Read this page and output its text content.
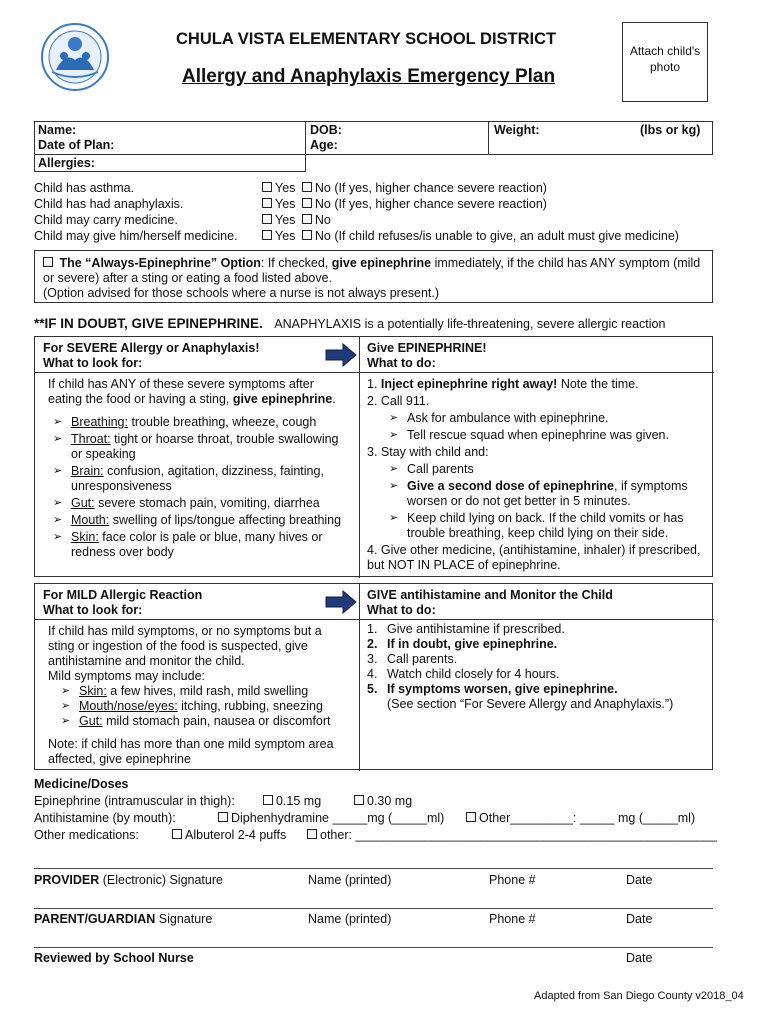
CHULA VISTA ELEMENTARY SCHOOL DISTRICT
Allergy and Anaphylaxis Emergency Plan
Attach child's photo
Name:
Date of Plan:
Allergies:
DOB:
Age:
Weight:	(lbs or kg)
Child has asthma.	Yes No (If yes, higher chance severe reaction)
Child has had anaphylaxis.	Yes No (If yes, higher chance severe reaction)
Child may carry medicine.	Yes No
Child may give him/herself medicine.	Yes No (If child refuses/is unable to give, an adult must give medicine)
The “Always-Epinephrine” Option: If checked, give epinephrine immediately, if the child has ANY symptom (mild or severe) after a sting or eating a food listed above.
(Option advised for those schools where a nurse is not always present.)
**IF IN DOUBT, GIVE EPINEPHRINE. ANAPHYLAXIS is a potentially life-threatening, severe allergic reaction
For SEVERE Allergy or Anaphylaxis!
What to look for:
Give EPINEPHRINE!
What to do:
If child has ANY of these severe symptoms after eating the food or having a sting, give epinephrine.
➢ Breathing: trouble breathing, wheeze, cough
➢ Throat: tight or hoarse throat, trouble swallowing or speaking
➢ Brain: confusion, agitation, dizziness, fainting, unresponsiveness
➢ Gut: severe stomach pain, vomiting, diarrhea
➢ Mouth: swelling of lips/tongue affecting breathing
➢ Skin: face color is pale or blue, many hives or redness over body
1. Inject epinephrine right away! Note the time.
2. Call 911.
➢ Ask for ambulance with epinephrine.
➢ Tell rescue squad when epinephrine was given.
3. Stay with child and:
➢ Call parents
➢ Give a second dose of epinephrine, if symptoms worsen or do not get better in 5 minutes.
➢ Keep child lying on back. If the child vomits or has trouble breathing, keep child lying on their side.
4. Give other medicine, (antihistamine, inhaler) if prescribed, but NOT IN PLACE of epinephrine.
For MILD Allergic Reaction
What to look for:
GIVE antihistamine and Monitor the Child
What to do:
If child has mild symptoms, or no symptoms but a sting or ingestion of the food is suspected, give antihistamine and monitor the child.
Mild symptoms may include:
➢ Skin: a few hives, mild rash, mild swelling
➢ Mouth/nose/eyes: itching, rubbing, sneezing
➢ Gut: mild stomach pain, nausea or discomfort
Note: if child has more than one mild symptom area affected, give epinephrine
1. Give antihistamine if prescribed.
2. If in doubt, give epinephrine.
3. Call parents.
4. Watch child closely for 4 hours.
5. If symptoms worsen, give epinephrine.
(See section “For Severe Allergy and Anaphylaxis.”)
Medicine/Doses
Epinephrine (intramuscular in thigh):	0.15 mg	0.30 mg
Antihistamine (by mouth):	Diphenhydramine _____mg (_____ml)	Other_________: _____ mg (_____ml)
Other medications:	Albuterol 2-4 puffs	other: ____________________________________________________
PROVIDER (Electronic) Signature	Name (printed)	Phone #	Date
PARENT/GUARDIAN Signature	Name (printed)	Phone #	Date
Reviewed by School Nurse	Date
Adapted from San Diego County v2018_04
